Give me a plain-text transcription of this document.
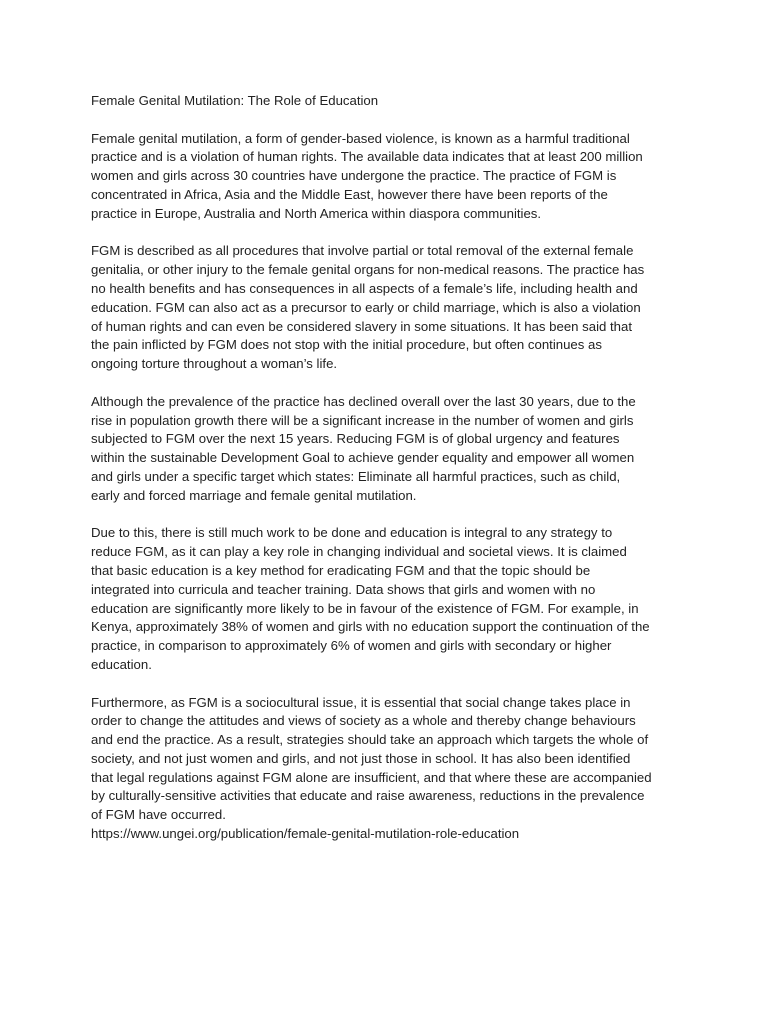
Female Genital Mutilation: The Role of Education

Female genital mutilation, a form of gender-based violence, is known as a harmful traditional
practice and is a violation of human rights. The available data indicates that at least 200 million
women and girls across 30 countries have undergone the practice. The practice of FGM is
concentrated in Africa, Asia and the Middle East, however there have been reports of the
practice in Europe, Australia and North America within diaspora communities.

FGM is described as all procedures that involve partial or total removal of the external female
genitalia, or other injury to the female genital organs for non-medical reasons. The practice has
no health benefits and has consequences in all aspects of a female’s life, including health and
education. FGM can also act as a precursor to early or child marriage, which is also a violation
of human rights and can even be considered slavery in some situations. It has been said that
the pain inflicted by FGM does not stop with the initial procedure, but often continues as
ongoing torture throughout a woman’s life.

Although the prevalence of the practice has declined overall over the last 30 years, due to the
rise in population growth there will be a significant increase in the number of women and girls
subjected to FGM over the next 15 years. Reducing FGM is of global urgency and features
within the sustainable Development Goal to achieve gender equality and empower all women
and girls under a specific target which states: Eliminate all harmful practices, such as child,
early and forced marriage and female genital mutilation.

Due to this, there is still much work to be done and education is integral to any strategy to
reduce FGM, as it can play a key role in changing individual and societal views. It is claimed
that basic education is a key method for eradicating FGM and that the topic should be
integrated into curricula and teacher training. Data shows that girls and women with no
education are significantly more likely to be in favour of the existence of FGM. For example, in
Kenya, approximately 38% of women and girls with no education support the continuation of the
practice, in comparison to approximately 6% of women and girls with secondary or higher
education.

Furthermore, as FGM is a sociocultural issue, it is essential that social change takes place in
order to change the attitudes and views of society as a whole and thereby change behaviours
and end the practice. As a result, strategies should take an approach which targets the whole of
society, and not just women and girls, and not just those in school. It has also been identified
that legal regulations against FGM alone are insufficient, and that where these are accompanied
by culturally-sensitive activities that educate and raise awareness, reductions in the prevalence
of FGM have occurred.
https://www.ungei.org/publication/female-genital-mutilation-role-education
